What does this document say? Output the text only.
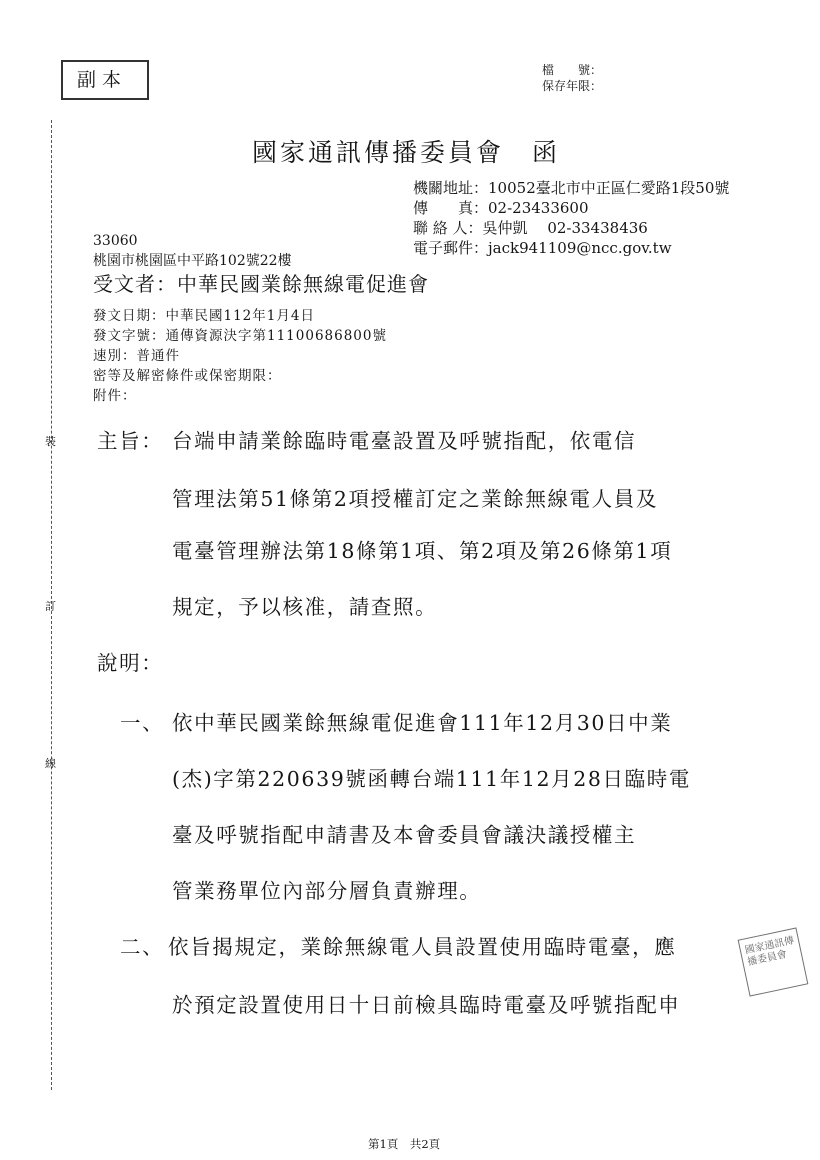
副本	檔　　號：
保存年限：
裝
訂
線
國家通訊傳播委員會　函
機關地址：10052臺北市中正區仁愛路1段50號
傳　　真：02-23433600
聯 絡 人：吳仲凱　 02-33438436
電子郵件：jack941109@ncc.gov.tw
33060
桃園市桃園區中平路102號22樓
受文者：中華民國業餘無線電促進會
發文日期：中華民國112年1月4日
發文字號：通傳資源決字第11100686800號
速別：普通件
密等及解密條件或保密期限：
附件：
主旨： 台端申請業餘臨時電臺設置及呼號指配，依電信
管理法第51條第2項授權訂定之業餘無線電人員及
電臺管理辦法第18條第1項、第2項及第26條第1項
規定，予以核准，請查照。
說明：
一、 依中華民國業餘無線電促進會111年12月30日中業
(杰)字第220639號函轉台端111年12月28日臨時電
臺及呼號指配申請書及本會委員會議決議授權主
管業務單位內部分層負責辦理。
二、 依旨揭規定，業餘無線電人員設置使用臨時電臺，應
於預定設置使用日十日前檢具臨時電臺及呼號指配申
國家通訊傳播委員會
第1頁　共2頁
